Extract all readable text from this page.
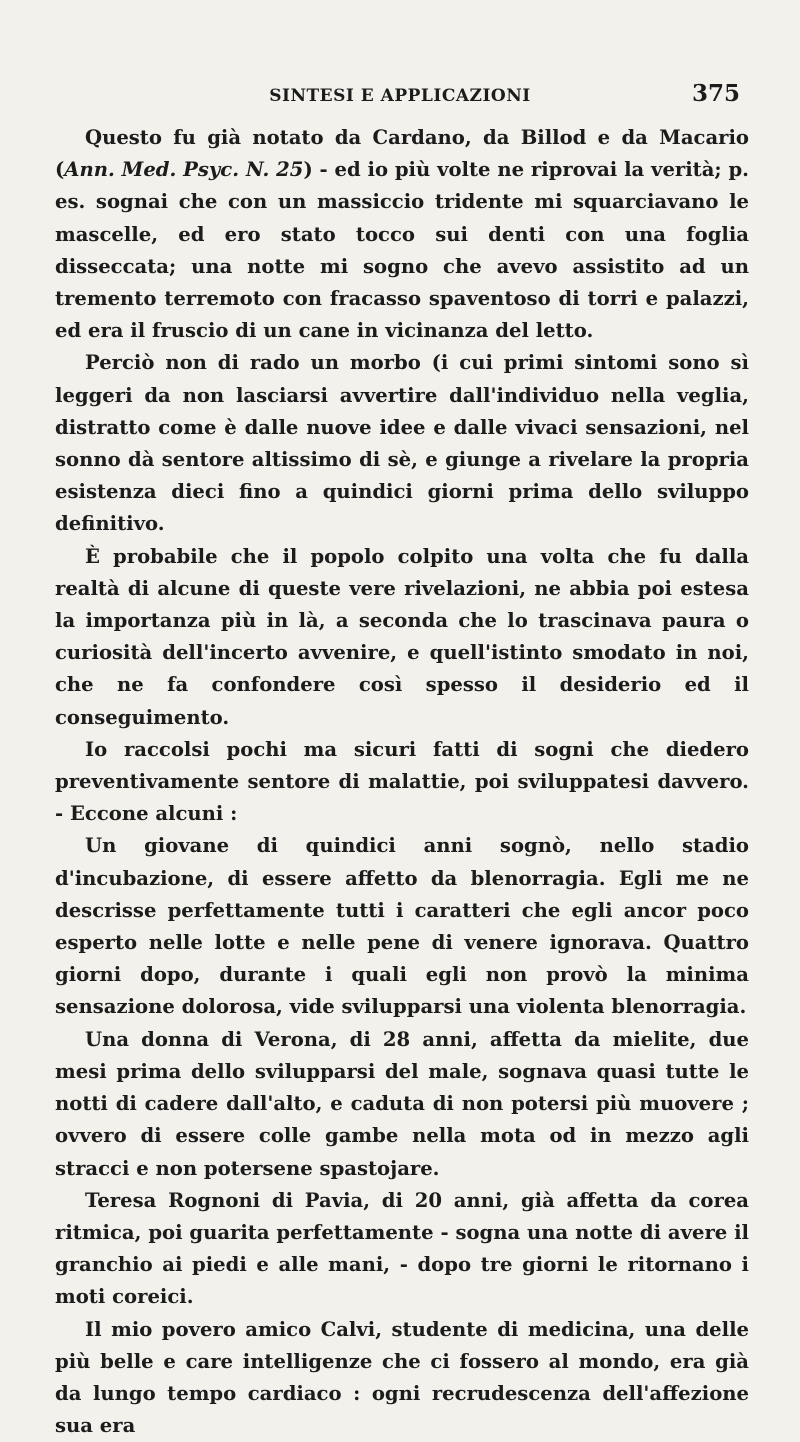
SINTESI E APPLICAZIONI	375

Questo fu già notato da Cardano, da Billod e da Macario (Ann. Med. Psyc. N. 25) - ed io più volte ne riprovai la verità; p. es. sognai che con un massiccio tridente mi squarciavano le mascelle, ed ero stato tocco sui denti con una foglia disseccata; una notte mi sogno che avevo assistito ad un tremento terremoto con fracasso spaventoso di torri e palazzi, ed era il fruscio di un cane in vicinanza del letto.

Perciò non di rado un morbo (i cui primi sintomi sono sì leggeri da non lasciarsi avvertire dall'individuo nella veglia, distratto come è dalle nuove idee e dalle vivaci sensazioni, nel sonno dà sentore altissimo di sè, e giunge a rivelare la propria esistenza dieci fino a quindici giorni prima dello sviluppo definitivo.

È probabile che il popolo colpito una volta che fu dalla realtà di alcune di queste vere rivelazioni, ne abbia poi estesa la importanza più in là, a seconda che lo trascinava paura o curiosità dell'incerto avvenire, e quell'istinto smodato in noi, che ne fa confondere così spesso il desiderio ed il conseguimento.

Io raccolsi pochi ma sicuri fatti di sogni che diedero preventivamente sentore di malattie, poi sviluppatesi davvero. - Eccone alcuni :

Un giovane di quindici anni sognò, nello stadio d'incubazione, di essere affetto da blenorragia. Egli me ne descrisse perfettamente tutti i caratteri che egli ancor poco esperto nelle lotte e nelle pene di venere ignorava. Quattro giorni dopo, durante i quali egli non provò la minima sensazione dolorosa, vide svilupparsi una violenta blenorragia.

Una donna di Verona, di 28 anni, affetta da mielite, due mesi prima dello svilupparsi del male, sognava quasi tutte le notti di cadere dall'alto, e caduta di non potersi più muovere ; ovvero di essere colle gambe nella mota od in mezzo agli stracci e non potersene spastojare.

Teresa Rognoni di Pavia, di 20 anni, già affetta da corea ritmica, poi guarita perfettamente - sogna una notte di avere il granchio ai piedi e alle mani, - dopo tre giorni le ritornano i moti coreici.

Il mio povero amico Calvi, studente di medicina, una delle più belle e care intelligenze che ci fossero al mondo, era già da lungo tempo cardiaco : ogni recrudescenza dell'affezione sua era
